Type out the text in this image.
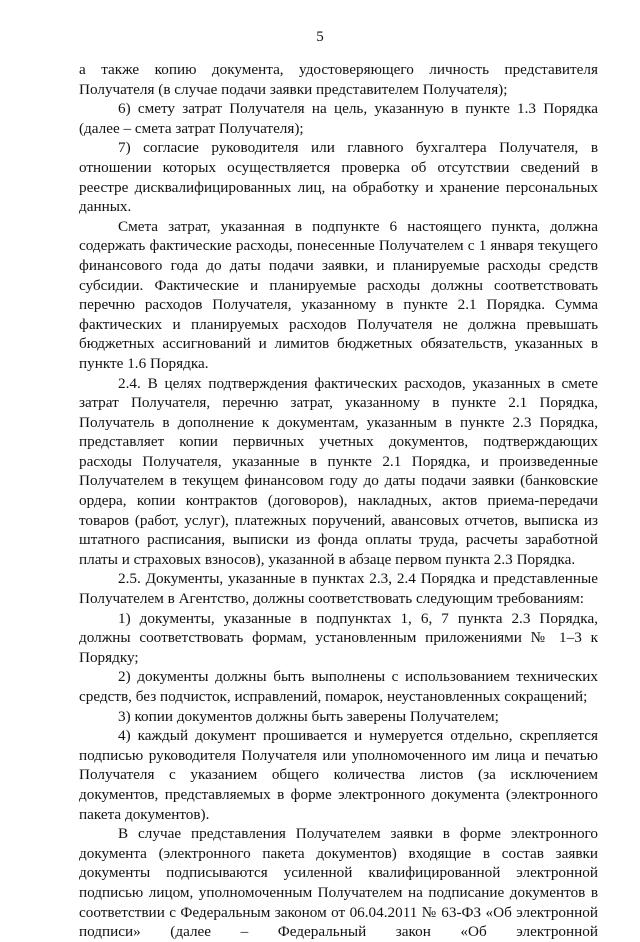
5

а также копию документа, удостоверяющего личность представителя Получателя (в случае подачи заявки представителем Получателя);

6) смету затрат Получателя на цель, указанную в пункте 1.3 Порядка (далее – смета затрат Получателя);

7) согласие руководителя или главного бухгалтера Получателя, в отношении которых осуществляется проверка об отсутствии сведений в реестре дисквалифицированных лиц, на обработку и хранение персональных данных.

Смета затрат, указанная в подпункте 6 настоящего пункта, должна содержать фактические расходы, понесенные Получателем с 1 января текущего финансового года до даты подачи заявки, и планируемые расходы средств субсидии. Фактические и планируемые расходы должны соответствовать перечню расходов Получателя, указанному в пункте 2.1 Порядка. Сумма фактических и планируемых расходов Получателя не должна превышать бюджетных ассигнований и лимитов бюджетных обязательств, указанных в пункте 1.6 Порядка.

2.4. В целях подтверждения фактических расходов, указанных в смете затрат Получателя, перечню затрат, указанному в пункте 2.1 Порядка, Получатель в дополнение к документам, указанным в пункте 2.3 Порядка, представляет копии первичных учетных документов, подтверждающих расходы Получателя, указанные в пункте 2.1 Порядка, и произведенные Получателем в текущем финансовом году до даты подачи заявки (банковские ордера, копии контрактов (договоров), накладных, актов приема-передачи товаров (работ, услуг), платежных поручений, авансовых отчетов, выписка из штатного расписания, выписки из фонда оплаты труда, расчеты заработной платы и страховых взносов), указанной в абзаце первом пункта 2.3 Порядка.

2.5. Документы, указанные в пунктах 2.3, 2.4 Порядка и представленные Получателем в Агентство, должны соответствовать следующим требованиям:

1) документы, указанные в подпунктах 1, 6, 7 пункта 2.3 Порядка, должны соответствовать формам, установленным приложениями № 1–3 к Порядку;

2) документы должны быть выполнены с использованием технических средств, без подчисток, исправлений, помарок, неустановленных сокращений;

3) копии документов должны быть заверены Получателем;

4) каждый документ прошивается и нумеруется отдельно, скрепляется подписью руководителя Получателя или уполномоченного им лица и печатью Получателя с указанием общего количества листов (за исключением документов, представляемых в форме электронного документа (электронного пакета документов).

В случае представления Получателем заявки в форме электронного документа (электронного пакета документов) входящие в состав заявки документы подписываются усиленной квалифицированной электронной подписью лицом, уполномоченным Получателем на подписание документов в соответствии с Федеральным законом от 06.04.2011 № 63-ФЗ «Об электронной подписи» (далее – Федеральный закон «Об электронной
